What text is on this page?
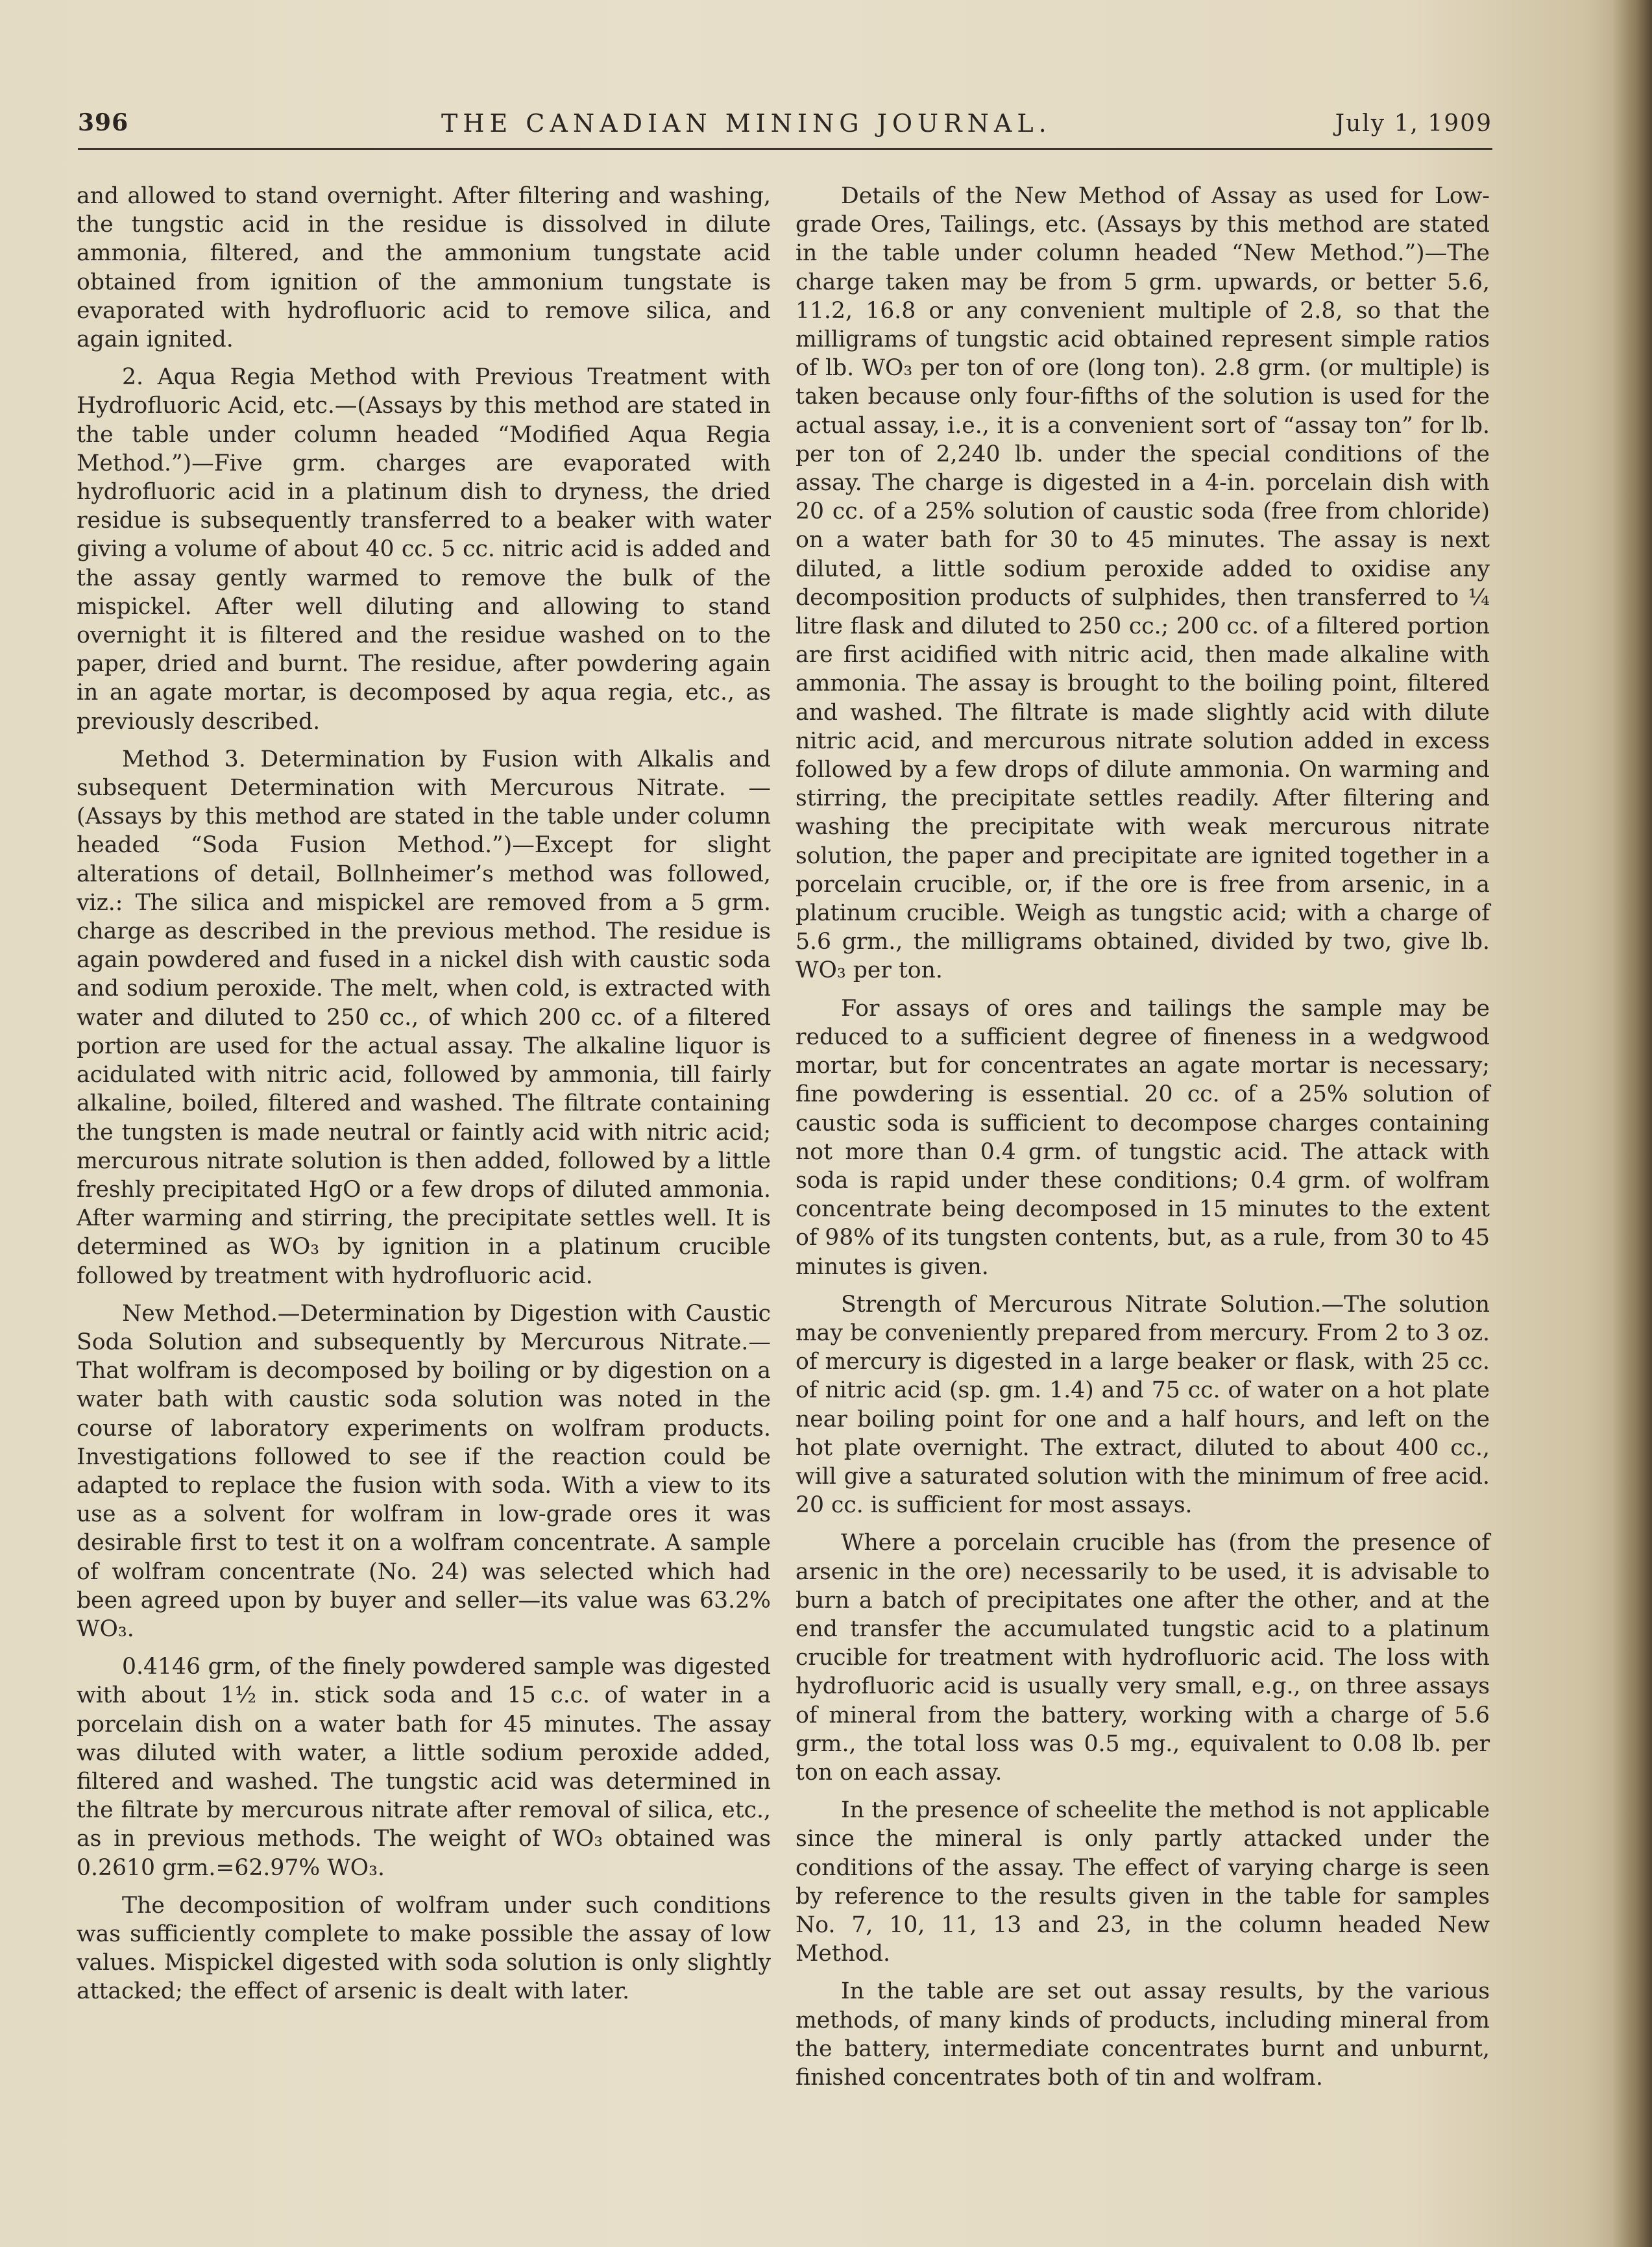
396	THE CANADIAN MINING JOURNAL.	July 1, 1909

and allowed to stand overnight. After filtering and washing, the tungstic acid in the residue is dissolved in dilute ammonia, filtered, and the ammonium tungstate acid obtained from ignition of the ammonium tungstate is evaporated with hydrofluoric acid to remove silica, and again ignited.

2. Aqua Regia Method with Previous Treatment with Hydrofluoric Acid, etc.—(Assays by this method are stated in the table under column headed “Modified Aqua Regia Method.”)—Five grm. charges are evaporated with hydrofluoric acid in a platinum dish to dryness, the dried residue is subsequently transferred to a beaker with water giving a volume of about 40 cc. 5 cc. nitric acid is added and the assay gently warmed to remove the bulk of the mispickel. After well diluting and allowing to stand overnight it is filtered and the residue washed on to the paper, dried and burnt. The residue, after powdering again in an agate mortar, is decomposed by aqua regia, etc., as previously described.

Method 3. Determination by Fusion with Alkalis and subsequent Determination with Mercurous Nitrate. —(Assays by this method are stated in the table under column headed “Soda Fusion Method.”)—Except for slight alterations of detail, Bollnheimer’s method was followed, viz.: The silica and mispickel are removed from a 5 grm. charge as described in the previous method. The residue is again powdered and fused in a nickel dish with caustic soda and sodium peroxide. The melt, when cold, is extracted with water and diluted to 250 cc., of which 200 cc. of a filtered portion are used for the actual assay. The alkaline liquor is acidulated with nitric acid, followed by ammonia, till fairly alkaline, boiled, filtered and washed. The filtrate containing the tungsten is made neutral or faintly acid with nitric acid; mercurous nitrate solution is then added, followed by a little freshly precipitated HgO or a few drops of diluted ammonia. After warming and stirring, the precipitate settles well. It is determined as WO₃ by ignition in a platinum crucible followed by treatment with hydrofluoric acid.

New Method.—Determination by Digestion with Caustic Soda Solution and subsequently by Mercurous Nitrate.—That wolfram is decomposed by boiling or by digestion on a water bath with caustic soda solution was noted in the course of laboratory experiments on wolfram products. Investigations followed to see if the reaction could be adapted to replace the fusion with soda. With a view to its use as a solvent for wolfram in low-grade ores it was desirable first to test it on a wolfram concentrate. A sample of wolfram concentrate (No. 24) was selected which had been agreed upon by buyer and seller—its value was 63.2% WO₃.

0.4146 grm, of the finely powdered sample was digested with about 1½ in. stick soda and 15 c.c. of water in a porcelain dish on a water bath for 45 minutes. The assay was diluted with water, a little sodium peroxide added, filtered and washed. The tungstic acid was determined in the filtrate by mercurous nitrate after removal of silica, etc., as in previous methods. The weight of WO₃ obtained was 0.2610 grm.=62.97% WO₃.

The decomposition of wolfram under such conditions was sufficiently complete to make possible the assay of low values. Mispickel digested with soda solution is only slightly attacked; the effect of arsenic is dealt with later.

Details of the New Method of Assay as used for Low-grade Ores, Tailings, etc. (Assays by this method are stated in the table under column headed “New Method.”)—The charge taken may be from 5 grm. upwards, or better 5.6, 11.2, 16.8 or any convenient multiple of 2.8, so that the milligrams of tungstic acid obtained represent simple ratios of lb. WO₃ per ton of ore (long ton). 2.8 grm. (or multiple) is taken because only four-fifths of the solution is used for the actual assay, i.e., it is a convenient sort of “assay ton” for lb. per ton of 2,240 lb. under the special conditions of the assay. The charge is digested in a 4-in. porcelain dish with 20 cc. of a 25% solution of caustic soda (free from chloride) on a water bath for 30 to 45 minutes. The assay is next diluted, a little sodium peroxide added to oxidise any decomposition products of sulphides, then transferred to ¼ litre flask and diluted to 250 cc.; 200 cc. of a filtered portion are first acidified with nitric acid, then made alkaline with ammonia. The assay is brought to the boiling point, filtered and washed. The filtrate is made slightly acid with dilute nitric acid, and mercurous nitrate solution added in excess followed by a few drops of dilute ammonia. On warming and stirring, the precipitate settles readily. After filtering and washing the precipitate with weak mercurous nitrate solution, the paper and precipitate are ignited together in a porcelain crucible, or, if the ore is free from arsenic, in a platinum crucible. Weigh as tungstic acid; with a charge of 5.6 grm., the milligrams obtained, divided by two, give lb. WO₃ per ton.

For assays of ores and tailings the sample may be reduced to a sufficient degree of fineness in a wedgwood mortar, but for concentrates an agate mortar is necessary; fine powdering is essential. 20 cc. of a 25% solution of caustic soda is sufficient to decompose charges containing not more than 0.4 grm. of tungstic acid. The attack with soda is rapid under these conditions; 0.4 grm. of wolfram concentrate being decomposed in 15 minutes to the extent of 98% of its tungsten contents, but, as a rule, from 30 to 45 minutes is given.

Strength of Mercurous Nitrate Solution.—The solution may be conveniently prepared from mercury. From 2 to 3 oz. of mercury is digested in a large beaker or flask, with 25 cc. of nitric acid (sp. gm. 1.4) and 75 cc. of water on a hot plate near boiling point for one and a half hours, and left on the hot plate overnight. The extract, diluted to about 400 cc., will give a saturated solution with the minimum of free acid. 20 cc. is sufficient for most assays.

Where a porcelain crucible has (from the presence of arsenic in the ore) necessarily to be used, it is advisable to burn a batch of precipitates one after the other, and at the end transfer the accumulated tungstic acid to a platinum crucible for treatment with hydrofluoric acid. The loss with hydrofluoric acid is usually very small, e.g., on three assays of mineral from the battery, working with a charge of 5.6 grm., the total loss was 0.5 mg., equivalent to 0.08 lb. per ton on each assay.

In the presence of scheelite the method is not applicable since the mineral is only partly attacked under the conditions of the assay. The effect of varying charge is seen by reference to the results given in the table for samples No. 7, 10, 11, 13 and 23, in the column headed New Method.

In the table are set out assay results, by the various methods, of many kinds of products, including mineral from the battery, intermediate concentrates burnt and unburnt, finished concentrates both of tin and wolfram.
